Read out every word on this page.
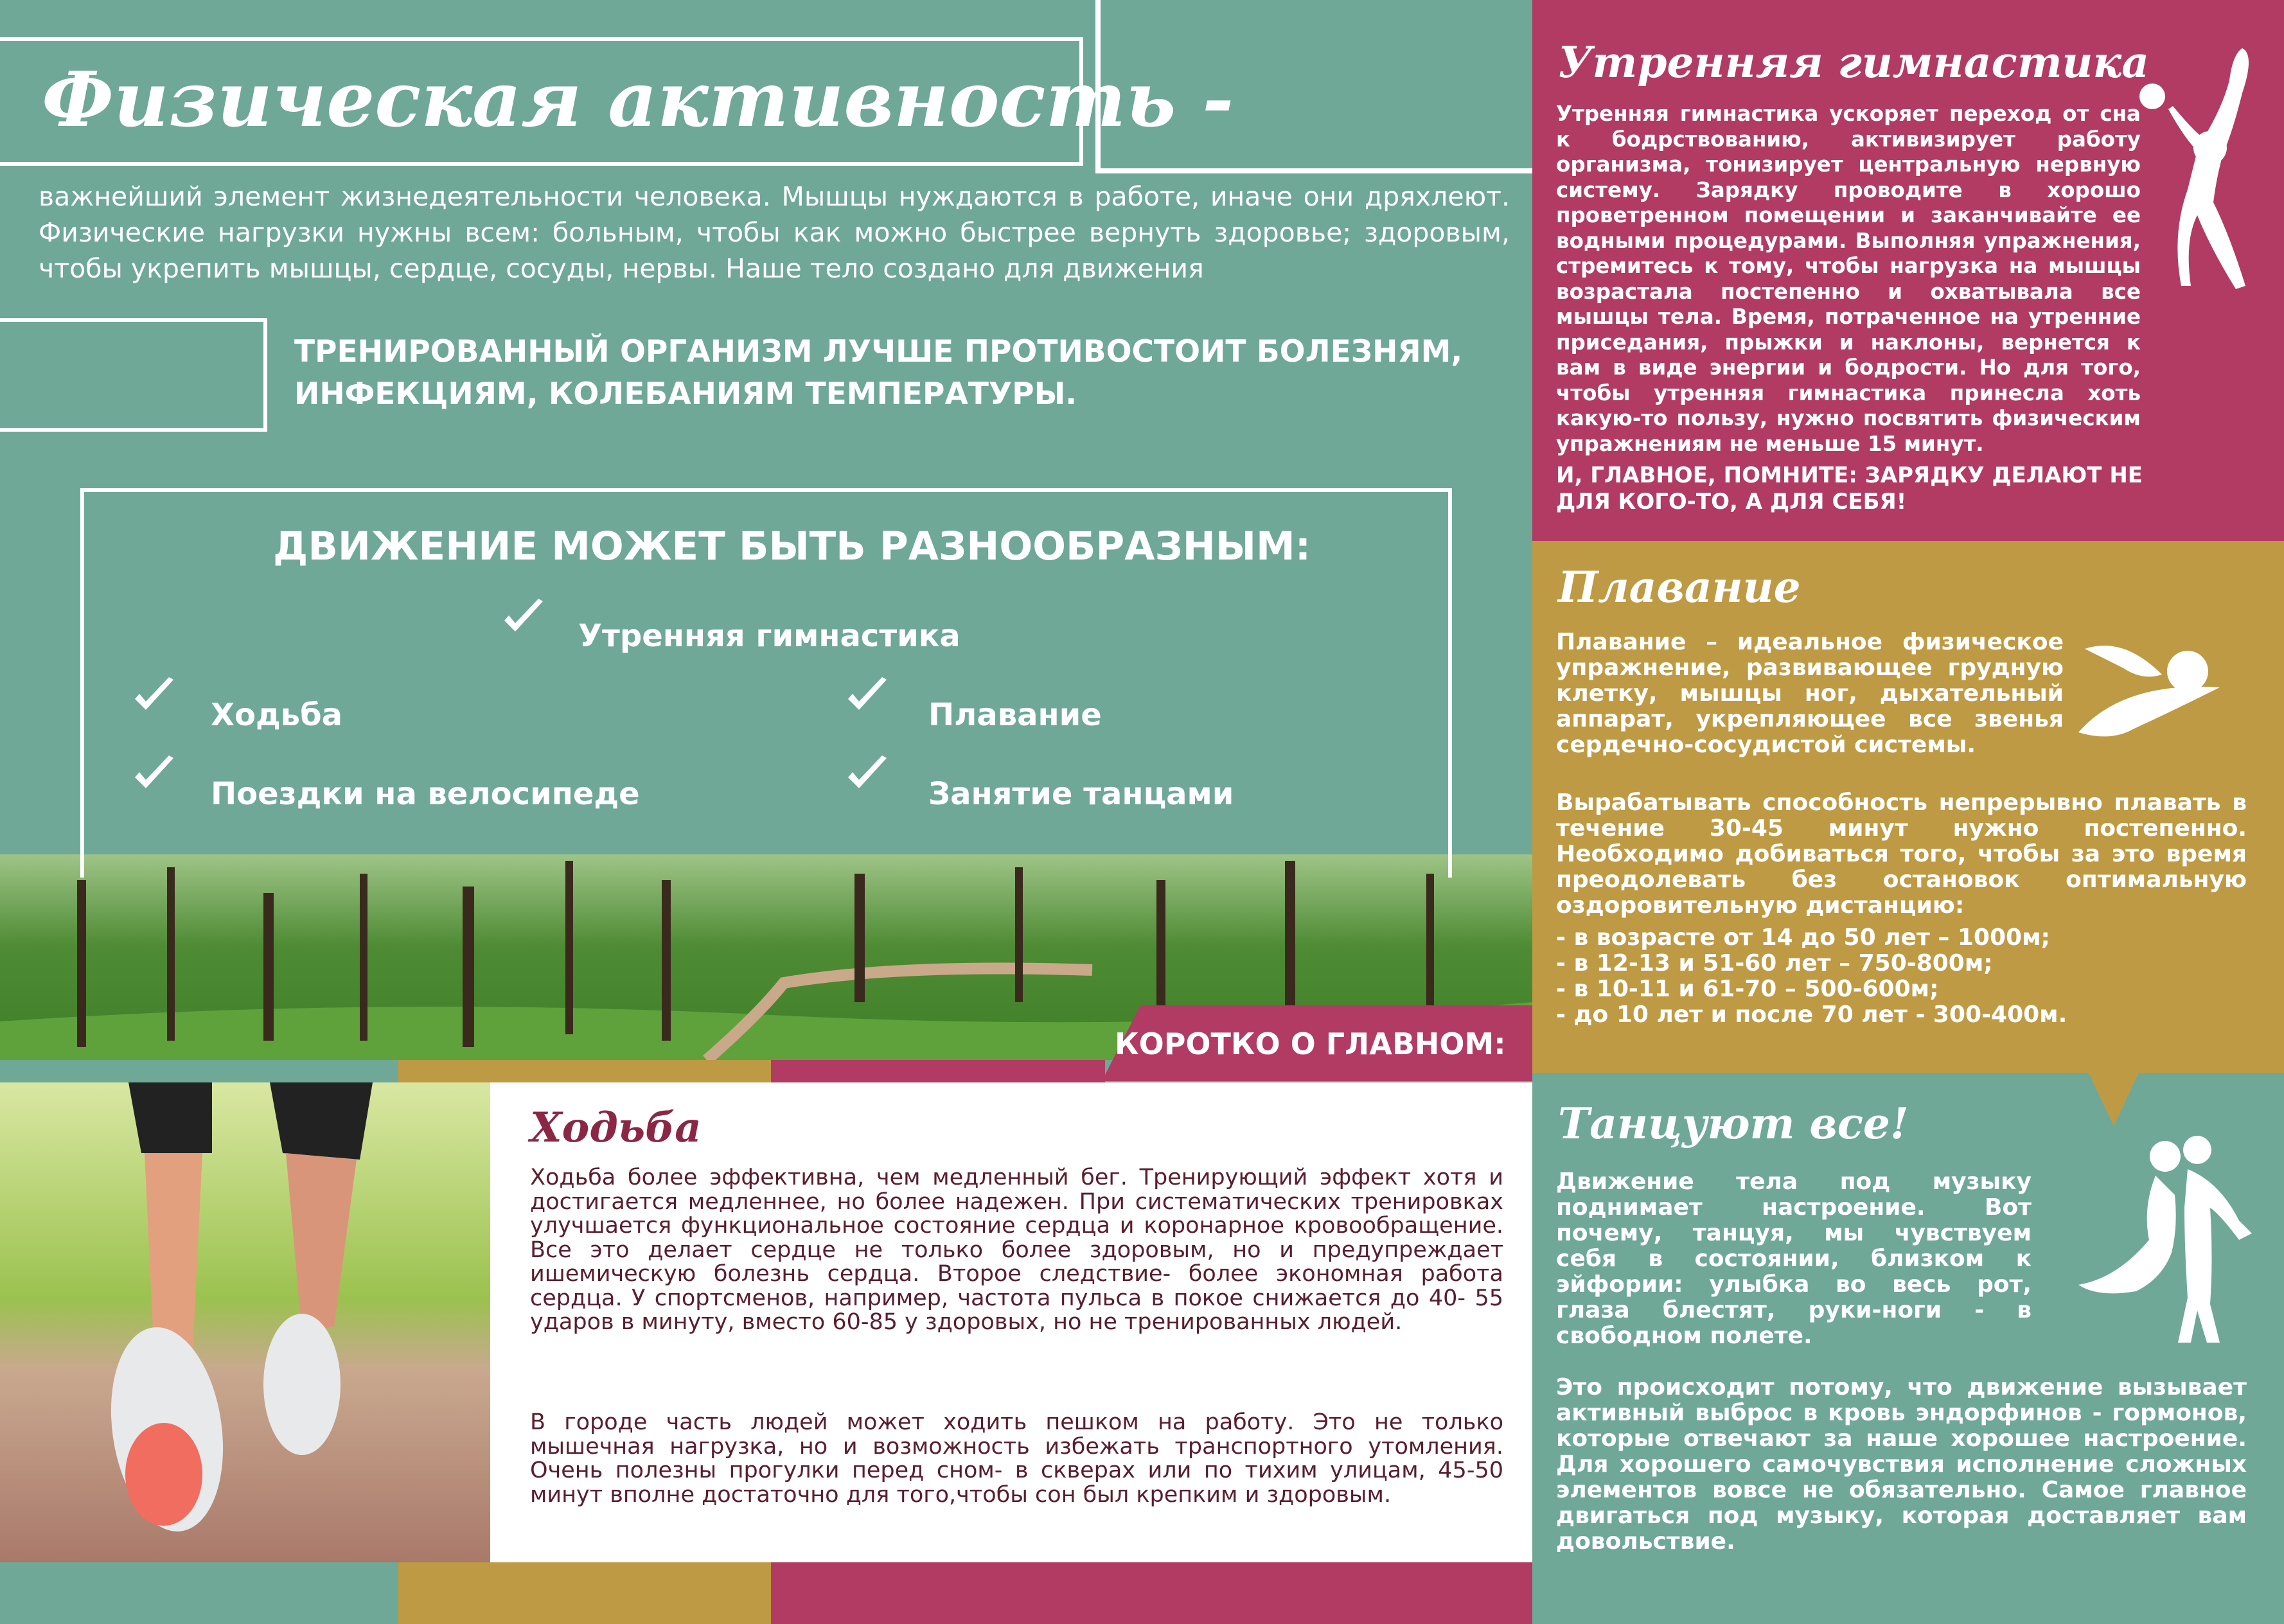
Физическая активность -
важнейший элемент жизнедеятельности человека. Мышцы нуждаются в работе, иначе они дряхлеют. Физические нагрузки нужны всем: больным, чтобы как можно быстрее вернуть здоровье; здоровым, чтобы укрепить мышцы, сердце, сосуды, нервы. Наше тело создано для движения
ТРЕНИРОВАННЫЙ ОРГАНИЗМ ЛУЧШЕ ПРОТИВОСТОИТ БОЛЕЗНЯМ, ИНФЕКЦИЯМ, КОЛЕБАНИЯМ ТЕМПЕРАТУРЫ.
ДВИЖЕНИЕ МОЖЕТ БЫТЬ РАЗНООБРАЗНЫМ:
Утренняя гимнастика
Ходьба	Плавание
Поездки на велосипеде	Занятие танцами
КОРОТКО О ГЛАВНОМ:
Ходьба
Ходьба более эффективна, чем медленный бег. Тренирующий эффект хотя и достигается медленнее, но более надежен. При систематических тренировках улучшается функциональное состояние сердца и коронарное кровообращение. Все это делает сердце не только более здоровым, но и предупреждает ишемическую болезнь сердца. Второе следствие- более экономная работа сердца. У спортсменов, например, частота пульса в покое снижается до 40- 55 ударов в минуту, вместо 60-85 у здоровых, но не тренированных людей.
В городе часть людей может ходить пешком на работу. Это не только мышечная нагрузка, но и возможность избежать транспортного утомления. Очень полезны прогулки перед сном- в скверах или по тихим улицам, 45-50 минут вполне достаточно для того,чтобы сон был крепким и здоровым.
Утренняя гимнастика
Утренняя гимнастика ускоряет переход от сна к бодрствованию, активизирует работу организма, тонизирует центральную нервную систему. Зарядку проводите в хорошо проветренном помещении и заканчивайте ее водными процедурами. Выполняя упражнения, стремитесь к тому, чтобы нагрузка на мышцы возрастала постепенно и охватывала все мышцы тела. Время, потраченное на утренние приседания, прыжки и наклоны, вернется к вам в виде энергии и бодрости. Но для того, чтобы утренняя гимнастика принесла хоть какую-то пользу, нужно посвятить физическим упражнениям не меньше 15 минут.
И, ГЛАВНОЕ, ПОМНИТЕ: ЗАРЯДКУ ДЕЛАЮТ НЕ ДЛЯ КОГО-ТО, А ДЛЯ СЕБЯ!
Плавание
Плавание – идеальное физическое упражнение, развивающее грудную клетку, мышцы ног, дыхательный аппарат, укрепляющее все звенья сердечно-сосудистой системы.
Вырабатывать способность непрерывно плавать в течение 30-45 минут нужно постепенно. Необходимо добиваться того, чтобы за это время преодолевать без остановок оптимальную оздоровительную дистанцию:
- в возрасте от 14 до 50 лет – 1000м;
- в 12-13 и 51-60 лет – 750-800м;
- в 10-11 и 61-70 – 500-600м;
- до 10 лет и после 70 лет - 300-400м.
Танцуют все!
Движение тела под музыку поднимает настроение. Вот почему, танцуя, мы чувствуем себя в состоянии, близком к эйфории: улыбка во весь рот, глаза блестят, руки-ноги - в свободном полете.
Это происходит потому, что движение вызывает активный выброс в кровь эндорфинов - гормонов, которые отвечают за наше хорошее настроение. Для хорошего самочувствия исполнение сложных элементов вовсе не обязательно. Самое главное двигаться под музыку, которая доставляет вам довольствие.
